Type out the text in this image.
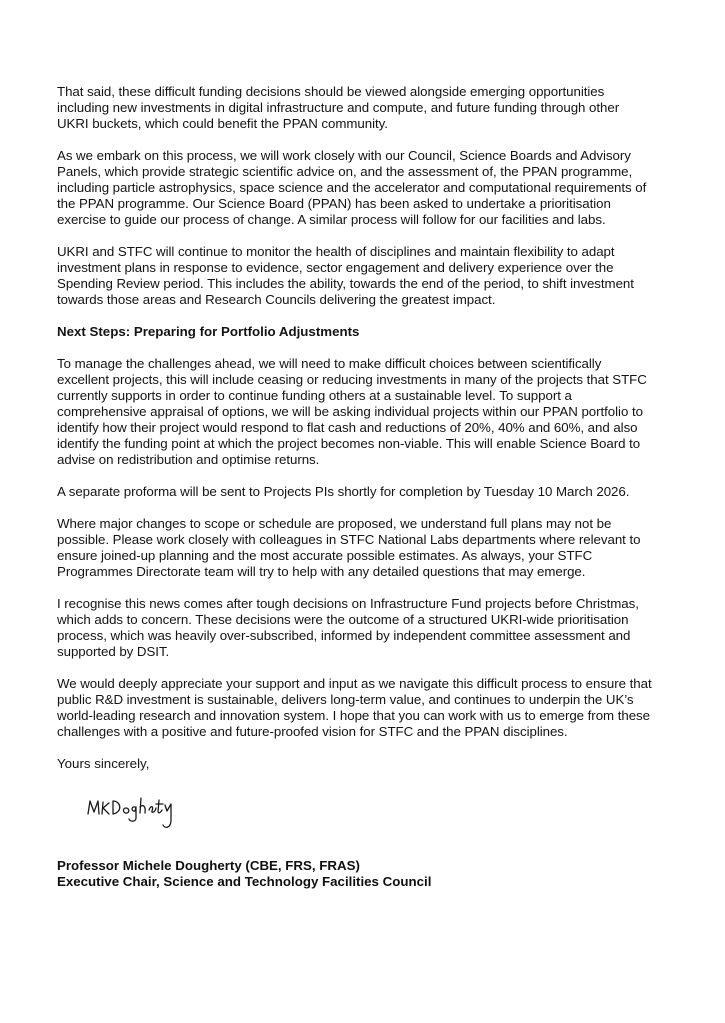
That said, these difficult funding decisions should be viewed alongside emerging opportunities
including new investments in digital infrastructure and compute, and future funding through other
UKRI buckets, which could benefit the PPAN community.

As we embark on this process, we will work closely with our Council, Science Boards and Advisory
Panels, which provide strategic scientific advice on, and the assessment of, the PPAN programme,
including particle astrophysics, space science and the accelerator and computational requirements of
the PPAN programme. Our Science Board (PPAN) has been asked to undertake a prioritisation
exercise to guide our process of change. A similar process will follow for our facilities and labs.

UKRI and STFC will continue to monitor the health of disciplines and maintain flexibility to adapt
investment plans in response to evidence, sector engagement and delivery experience over the
Spending Review period. This includes the ability, towards the end of the period, to shift investment
towards those areas and Research Councils delivering the greatest impact.

Next Steps: Preparing for Portfolio Adjustments

To manage the challenges ahead, we will need to make difficult choices between scientifically
excellent projects, this will include ceasing or reducing investments in many of the projects that STFC
currently supports in order to continue funding others at a sustainable level. To support a
comprehensive appraisal of options, we will be asking individual projects within our PPAN portfolio to
identify how their project would respond to flat cash and reductions of 20%, 40% and 60%, and also
identify the funding point at which the project becomes non-viable. This will enable Science Board to
advise on redistribution and optimise returns.

A separate proforma will be sent to Projects PIs shortly for completion by Tuesday 10 March 2026.

Where major changes to scope or schedule are proposed, we understand full plans may not be
possible. Please work closely with colleagues in STFC National Labs departments where relevant to
ensure joined-up planning and the most accurate possible estimates. As always, your STFC
Programmes Directorate team will try to help with any detailed questions that may emerge.

I recognise this news comes after tough decisions on Infrastructure Fund projects before Christmas,
which adds to concern. These decisions were the outcome of a structured UKRI-wide prioritisation
process, which was heavily over-subscribed, informed by independent committee assessment and
supported by DSIT.

We would deeply appreciate your support and input as we navigate this difficult process to ensure that
public R&D investment is sustainable, delivers long-term value, and continues to underpin the UK’s
world-leading research and innovation system. I hope that you can work with us to emerge from these
challenges with a positive and future-proofed vision for STFC and the PPAN disciplines.

Yours sincerely,

Professor Michele Dougherty (CBE, FRS, FRAS)
Executive Chair, Science and Technology Facilities Council
